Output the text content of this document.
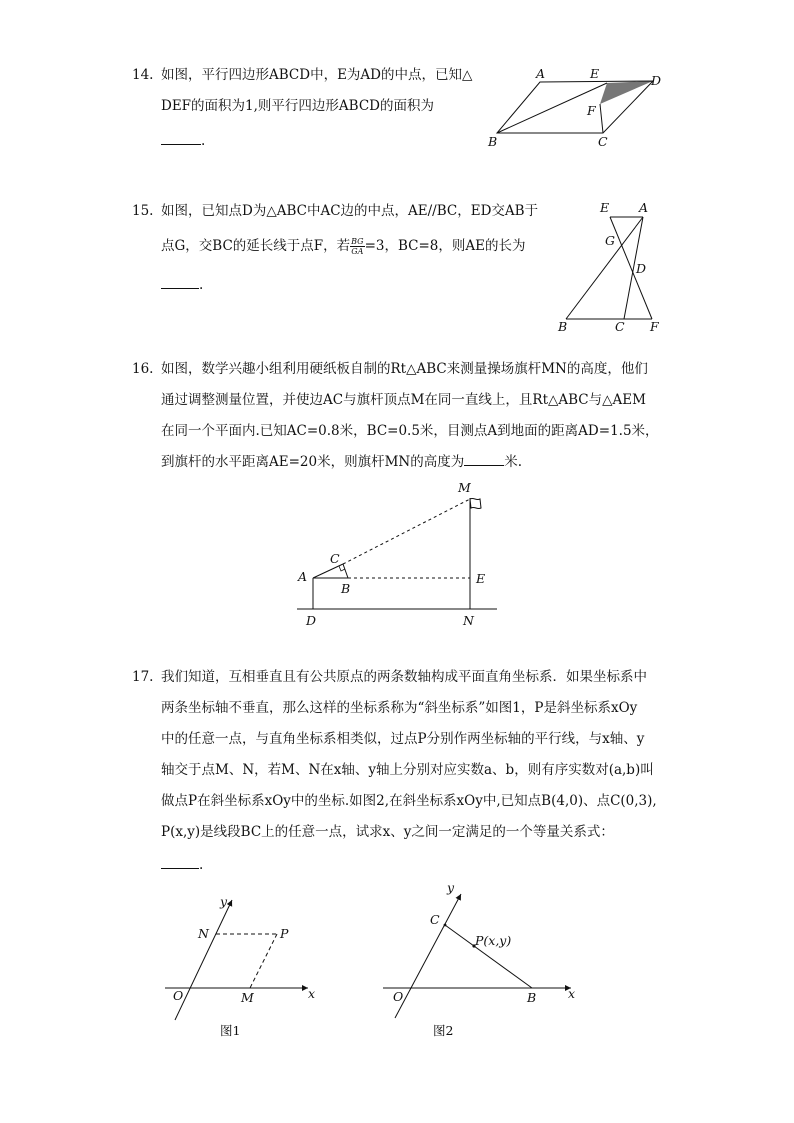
14. 如图，平行四边形ABCD中，E为AD的中点，已知△
DEF的面积为1,则平行四边形ABCD的面积为
.
A	E	D
F
B	C
15. 如图，已知点D为△ABC中AC边的中点，AE//BC，ED交AB于
点G，交BC的延长线于点F，若 $\frac{BG}{GA} =3$，BC=8，则AE的长为
.
E A
G
D
B	C F
16. 如图，数学兴趣小组利用硬纸板自制的Rt△ABC来测量操场旗杆MN的高度，他们
通过调整测量位置，并使边AC与旗杆顶点M在同一直线上，且Rt△ABC与△AEM
在同一个平面内.已知AC=0.8米，BC=0.5米，目测点A到地面的距离AD=1.5米，
到旗杆的水平距离AE=20米，则旗杆MN的高度为	米.
M
C
A
B
E
D	N
17. 我们知道，互相垂直且有公共原点的两条数轴构成平面直角坐标系．如果坐标系中
两条坐标轴不垂直，那么这样的坐标系称为“斜坐标系”如图1，P是斜坐标系xOy
中的任意一点，与直角坐标系相类似，过点P分别作两坐标轴的平行线，与x轴、y
轴交于点M、N，若M、N在x轴、y轴上分别对应实数a、b，则有序实数对(a,b)叫
做点P在斜坐标系xOy中的坐标.如图2,在斜坐标系xOy中,已知点B(4,0)、点C(0,3),
P(x,y)是线段BC上的任意一点，试求x、y之间一定满足的一个等量关系式：
.
y
N	P
O	M	x
图1
y
C
P(x,y)
O	B	x
图2
